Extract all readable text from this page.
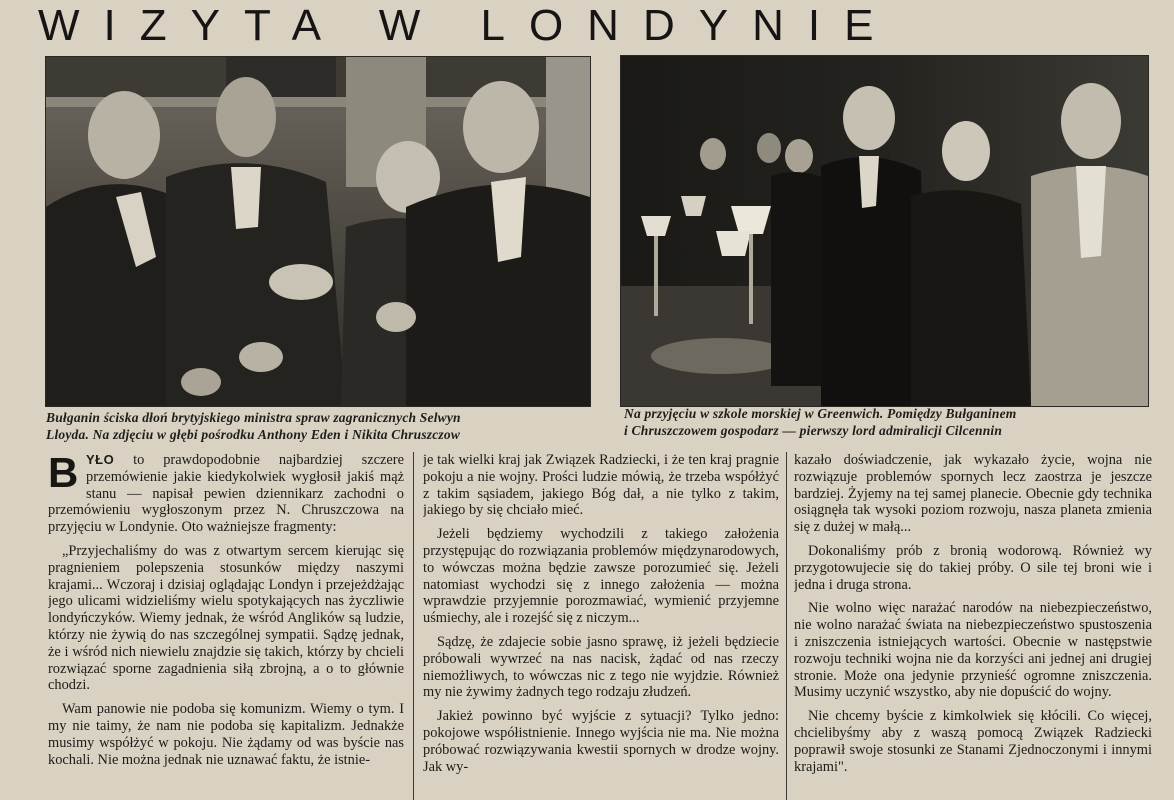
WIZYTA W LONDYNIE
Bułganin ściska dłoń brytyjskiego ministra spraw zagranicznych Selwyn
Lloyda. Na zdjęciu w głębi pośrodku Anthony Eden i Nikita Chruszczow
Na przyjęciu w szkole morskiej w Greenwich. Pomiędzy Bułganinem
i Chruszczowem gospodarz — pierwszy lord admiralicji Cilcennin

BYŁO to prawdopodobnie najbardziej szczere przemówienie jakie kiedykolwiek wygłosił jakiś mąż stanu — napisał pewien dziennikarz zachodni o przemówieniu wygłoszonym przez N. Chruszczowa na przyjęciu w Londynie. Oto ważniejsze fragmenty:

„Przyjechaliśmy do was z otwartym sercem kierując się pragnieniem polepszenia stosunków między naszymi krajami... Wczoraj i dzisiaj oglądając Londyn i przejeżdżając jego ulicami widzieliśmy wielu spotykających nas życzliwie londyńczyków. Wiemy jednak, że wśród Anglików są ludzie, którzy nie żywią do nas szczególnej sympatii. Sądzę jednak, że i wśród nich niewielu znajdzie się takich, którzy by chcieli rozwiązać sporne zagadnienia siłą zbrojną, a o to głównie chodzi.

Wam panowie nie podoba się komunizm. Wiemy o tym. I my nie taimy, że nam nie podoba się kapitalizm. Jednakże musimy współżyć w pokoju. Nie żądamy od was byście nas kochali. Nie można jednak nie uznawać faktu, że istnie-

je tak wielki kraj jak Związek Radziecki, i że ten kraj pragnie pokoju a nie wojny. Prości ludzie mówią, że trzeba współżyć z takim sąsiadem, jakiego Bóg dał, a nie tylko z takim, jakiego by się chciało mieć.

Jeżeli będziemy wychodzili z takiego założenia przystępując do rozwiązania problemów międzynarodowych, to wówczas można będzie zawsze porozumieć się. Jeżeli natomiast wychodzi się z innego założenia — można wprawdzie przyjemnie porozmawiać, wymienić przyjemne uśmiechy, ale i rozejść się z niczym...

Sądzę, że zdajecie sobie jasno sprawę, iż jeżeli będziecie próbowali wywrzeć na nas nacisk, żądać od nas rzeczy niemożliwych, to wówczas nic z tego nie wyjdzie. Również my nie żywimy żadnych tego rodzaju złudzeń.

Jakież powinno być wyjście z sytuacji? Tylko jedno: pokojowe współistnienie. Innego wyjścia nie ma. Nie można próbować rozwiązywania kwestii spornych w drodze wojny. Jak wy-

kazało doświadczenie, jak wykazało życie, wojna nie rozwiązuje problemów spornych lecz zaostrza je jeszcze bardziej. Żyjemy na tej samej planecie. Obecnie gdy technika osiągnęła tak wysoki poziom rozwoju, nasza planeta zmienia się z dużej w małą...

Dokonaliśmy prób z bronią wodorową. Również wy przygotowujecie się do takiej próby. O sile tej broni wie i jedna i druga strona.

Nie wolno więc narażać narodów na niebezpieczeństwo, nie wolno narażać świata na niebezpieczeństwo spustoszenia i zniszczenia istniejących wartości. Obecnie w następstwie rozwoju techniki wojna nie da korzyści ani jednej ani drugiej stronie. Może ona jedynie przynieść ogromne zniszczenia. Musimy uczynić wszystko, aby nie dopuścić do wojny.

Nie chcemy byście z kimkolwiek się kłócili. Co więcej, chcielibyśmy aby z waszą pomocą Związek Radziecki poprawił swoje stosunki ze Stanami Zjednoczonymi i innymi krajami".
